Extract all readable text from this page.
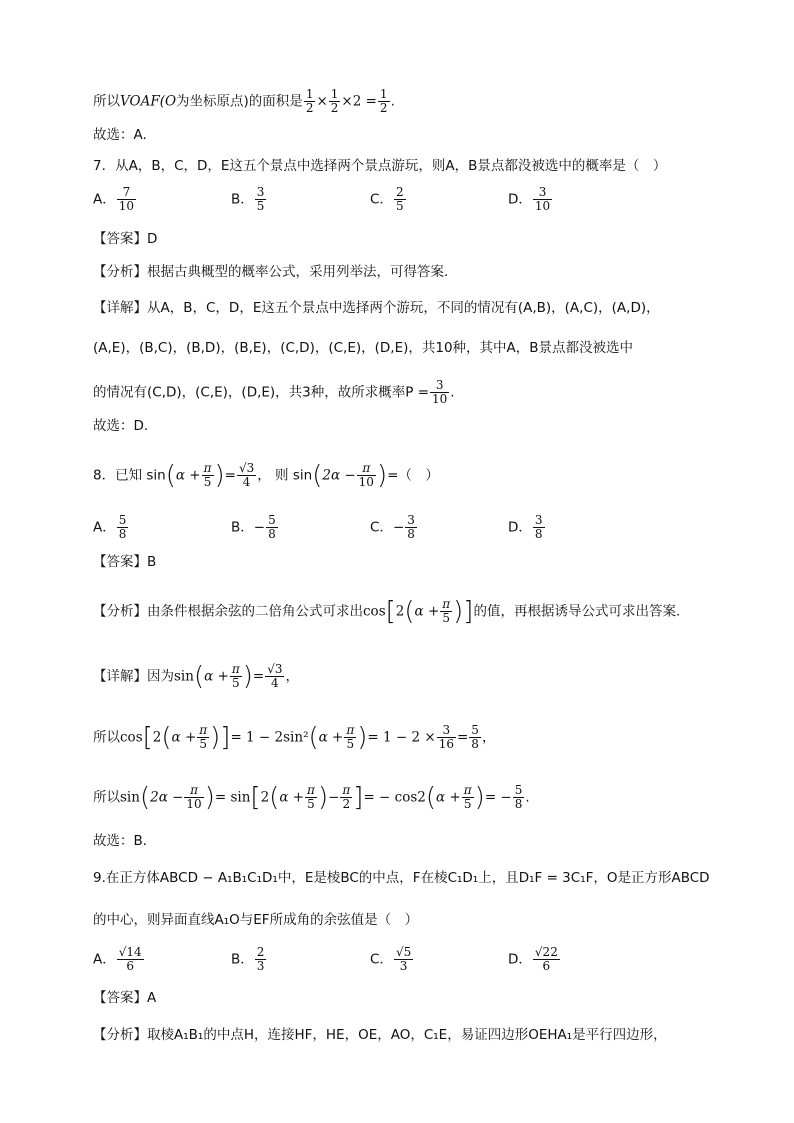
所以VOAF(O为坐标原点)的面积是 $\frac{1}{2} \times \frac{1}{2} \times 2 = \frac{1}{2}$ .
故选：A.
7．从A，B，C，D，E这五个景点中选择两个景点游玩，则A，B景点都没被选中的概率是（　）
A． $\frac{7}{10}$	B． $\frac{3}{5}$	C． $\frac{2}{5}$	D． $\frac{3}{10}$
【答案】D
【分析】根据古典概型的概率公式，采用列举法，可得答案.
【详解】从A，B，C，D，E这五个景点中选择两个游玩，不同的情况有(A,B)，(A,C)，(A,D)，
(A,E)，(B,C)，(B,D)，(B,E)，(C,D)，(C,E)，(D,E)，共10种，其中A，B景点都没被选中
的情况有(C,D)，(C,E)，(D,E)，共3种，故所求概率$P = \frac{3}{10}$ .
故选：D.
8．已知 $\sin(\alpha + \frac{\pi}{5}$ )= $\frac{√3}{4}$ ， 则 $\sin(2\alpha - \frac{\pi}{10}$ )=（　）
A． $\frac{5}{8}$	B．− $\frac{5}{8}$	C．− $\frac{3}{8}$	D． $\frac{3}{8}$
【答案】B
【分析】由条件根据余弦的二倍角公式可求出$\cos[2(\alpha + \frac{\pi}{5}$ )]的值，再根据诱导公式可求出答案.
【详解】因为$\sin(\alpha + \frac{\pi}{5}$ )= $\frac{√3}{4}$ ，
所以$\cos[2(\alpha + \frac{\pi}{5}$ )]= $1 - 2\sin^2(\alpha + \frac{\pi}{5}$ )= $1 - 2 \times \frac{3}{16} = \frac{5}{8}$ ，
所以$\sin(2\alpha - \frac{\pi}{10}$ )= $\sin[2(\alpha + \frac{\pi}{5}$ )− $\frac{\pi}{2}$ ]= − $\cos 2(\alpha + \frac{\pi}{5}$ )= − $\frac{5}{8}$ .
故选：B．
9.在正方体ABCD − A₁B₁C₁D₁中，E是棱BC的中点，F在棱C₁D₁上，且D₁F = 3C₁F，O是正方形ABCD
的中心，则异面直线A₁O与EF所成角的余弦值是（　）
A． $\frac{√14}{6}$	B． $\frac{2}{3}$	C． $\frac{√5}{3}$	D． $\frac{√22}{6}$
【答案】A
【分析】取棱A₁B₁的中点H，连接HF，HE，OE，AO，C₁E，易证四边形OEHA₁是平行四边形，
